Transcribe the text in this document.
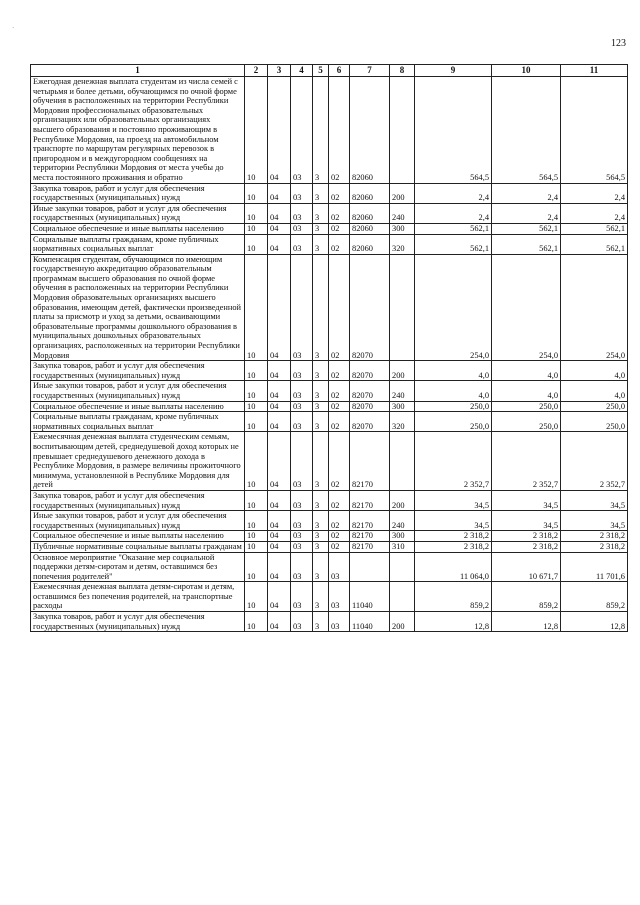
123
1	2	3	4	5	6	7	8	9	10	11
Ежегодная денежная выплата студентам из числа семей с четырьмя и более детьми, обучающимся по очной форме обучения в расположенных на территории Республики Мордовия профессиональных образовательных организациях или образовательных организациях высшего образования и постоянно проживающим в Республике Мордовия, на проезд на автомобильном транспорте по маршрутам регулярных перевозок в пригородном и в междугородном сообщениях на территории Республики Мордовия от места учебы до места постоянного проживания и обратно	10	04	03	3	02	82060		564,5	564,5	564,5
Закупка товаров, работ и услуг для обеспечения государственных (муниципальных) нужд	10	04	03	3	02	82060	200	2,4	2,4	2,4
Иные закупки товаров, работ и услуг для обеспечения государственных (муниципальных) нужд	10	04	03	3	02	82060	240	2,4	2,4	2,4
Социальное обеспечение и иные выплаты населению	10	04	03	3	02	82060	300	562,1	562,1	562,1
Социальные выплаты гражданам, кроме публичных нормативных социальных выплат	10	04	03	3	02	82060	320	562,1	562,1	562,1
Компенсация студентам, обучающимся по имеющим государственную аккредитацию образовательным программам высшего образования по очной форме обучения в расположенных на территории Республики Мордовия образовательных организациях высшего образования, имеющим детей, фактически произведенной платы за присмотр и уход за детьми, осваивающими образовательные программы дошкольного образования в муниципальных дошкольных образовательных организациях, расположенных на территории Республики Мордовия	10	04	03	3	02	82070		254,0	254,0	254,0
Закупка товаров, работ и услуг для обеспечения государственных (муниципальных) нужд	10	04	03	3	02	82070	200	4,0	4,0	4,0
Иные закупки товаров, работ и услуг для обеспечения государственных (муниципальных) нужд	10	04	03	3	02	82070	240	4,0	4,0	4,0
Социальное обеспечение и иные выплаты населению	10	04	03	3	02	82070	300	250,0	250,0	250,0
Социальные выплаты гражданам, кроме публичных нормативных социальных выплат	10	04	03	3	02	82070	320	250,0	250,0	250,0
Ежемесячная денежная выплата студенческим семьям, воспитывающим детей, среднедушевой доход которых не превышает среднедушевого денежного дохода в Республике Мордовия, в размере величины прожиточного минимума, установленной в Республике Мордовия для детей	10	04	03	3	02	82170		2 352,7	2 352,7	2 352,7
Закупка товаров, работ и услуг для обеспечения государственных (муниципальных) нужд	10	04	03	3	02	82170	200	34,5	34,5	34,5
Иные закупки товаров, работ и услуг для обеспечения государственных (муниципальных) нужд	10	04	03	3	02	82170	240	34,5	34,5	34,5
Социальное обеспечение и иные выплаты населению	10	04	03	3	02	82170	300	2 318,2	2 318,2	2 318,2
Публичные нормативные социальные выплаты гражданам	10	04	03	3	02	82170	310	2 318,2	2 318,2	2 318,2
Основное мероприятие "Оказание мер социальной поддержки детям-сиротам и детям, оставшимся без попечения родителей"	10	04	03	3	03			11 064,0	10 671,7	11 701,6
Ежемесячная денежная выплата детям-сиротам и детям, оставшимся без попечения родителей, на транспортные расходы	10	04	03	3	03	11040		859,2	859,2	859,2
Закупка товаров, работ и услуг для обеспечения государственных (муниципальных) нужд	10	04	03	3	03	11040	200	12,8	12,8	12,8
·
